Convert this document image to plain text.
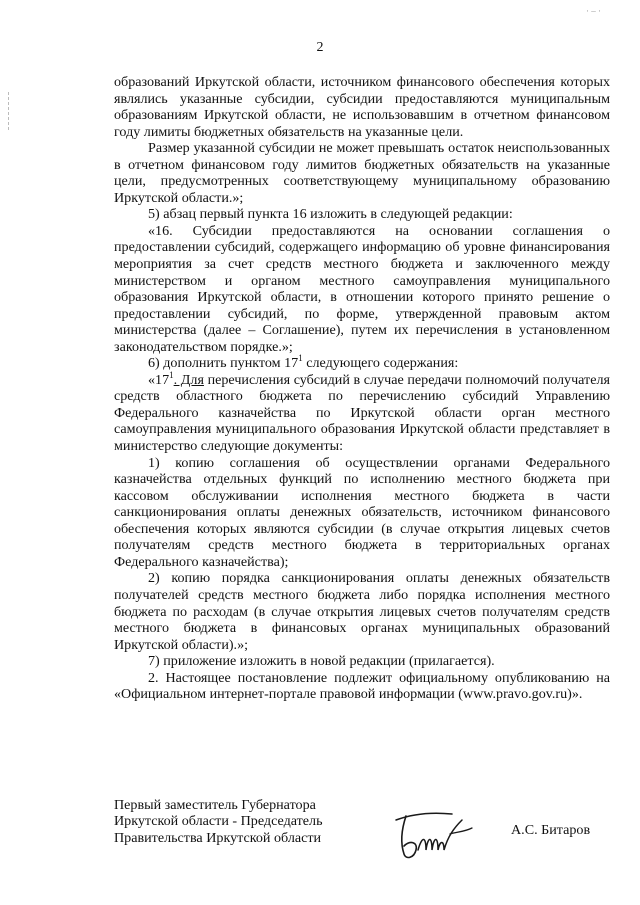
· – ·
2

образований Иркутской области, источником финансового обеспечения которых являлись указанные субсидии, субсидии предоставляются муниципальным образованиям Иркутской области, не использовавшим в отчетном финансовом году лимиты бюджетных обязательств на указанные цели.

Размер указанной субсидии не может превышать остаток неиспользованных в отчетном финансовом году лимитов бюджетных обязательств на указанные цели, предусмотренных соответствующему муниципальному образованию Иркутской области.»;

5) абзац первый пункта 16 изложить в следующей редакции:

«16. Субсидии предоставляются на основании соглашения о предоставлении субсидий, содержащего информацию об уровне финансирования мероприятия за счет средств местного бюджета и заключенного между министерством и органом местного самоуправления муниципального образования Иркутской области, в отношении которого принято решение о предоставлении субсидий, по форме, утвержденной правовым актом министерства (далее – Соглашение), путем их перечисления в установленном законодательством порядке.»;

6) дополнить пунктом $17^1$ следующего содержания:

«$17^1$. Для перечисления субсидий в случае передачи полномочий получателя средств областного бюджета по перечислению субсидий Управлению Федерального казначейства по Иркутской области орган местного самоуправления муниципального образования Иркутской области представляет в министерство следующие документы:

1) копию соглашения об осуществлении органами Федерального казначейства отдельных функций по исполнению местного бюджета при кассовом обслуживании исполнения местного бюджета в части санкционирования оплаты денежных обязательств, источником финансового обеспечения которых являются субсидии (в случае открытия лицевых счетов получателям средств местного бюджета в территориальных органах Федерального казначейства);

2) копию порядка санкционирования оплаты денежных обязательств получателей средств местного бюджета либо порядка исполнения местного бюджета по расходам (в случае открытия лицевых счетов получателям средств местного бюджета в финансовых органах муниципальных образований Иркутской области).»;

7) приложение изложить в новой редакции (прилагается).

2. Настоящее постановление подлежит официальному опубликованию на «Официальном интернет-портале правовой информации (www.pravo.gov.ru)».

Первый заместитель Губернатора
Иркутской области - Председатель
Правительства Иркутской области	А.С. Битаров
